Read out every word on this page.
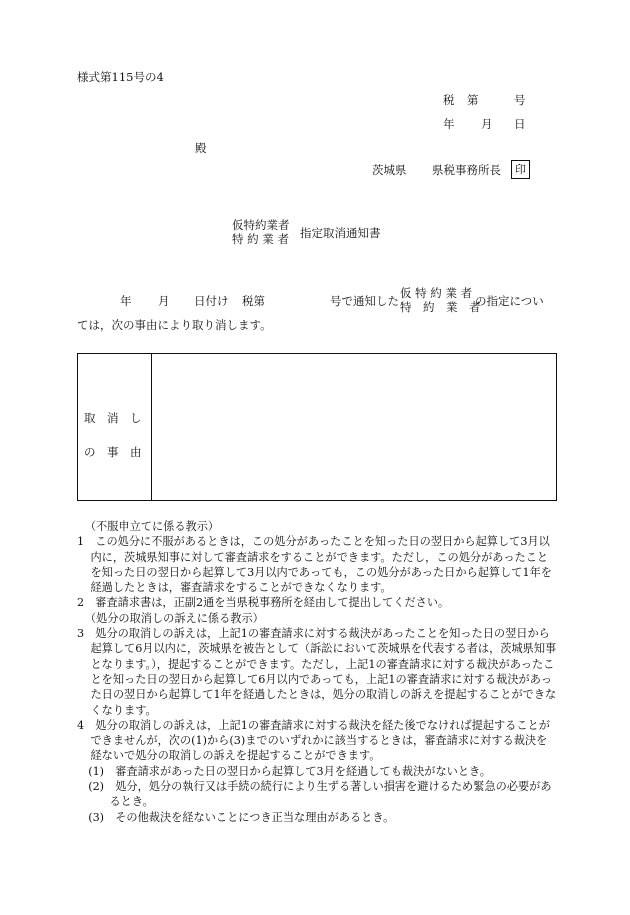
様式第115号の4
税 第	号
年 月 日
殿
茨城県 県税事務所長	印
仮特約業者
特 約 業 者 指定取消通知書
年 月 日付け 税第	号で通知した
仮 特 約 業 者
特　約　業　者
の指定につい
ては，次の事由により取り消します。
取　消　し
の　事　由

（不服申立てに係る教示）

1　この処分に不服があるときは，この処分があったことを知った日の翌日から起算して3月以内に，茨城県知事に対して審査請求をすることができます。ただし，この処分があったことを知った日の翌日から起算して3月以内であっても，この処分があった日から起算して1年を経過したときは，審査請求をすることができなくなります。

2　審査請求書は，正副2通を当県税事務所を経由して提出してください。

（処分の取消しの訴えに係る教示）

3　処分の取消しの訴えは，上記1の審査請求に対する裁決があったことを知った日の翌日から起算して6月以内に，茨城県を被告として（訴訟において茨城県を代表する者は，茨城県知事となります。），提起することができます。ただし，上記1の審査請求に対する裁決があったことを知った日の翌日から起算して6月以内であっても，上記1の審査請求に対する裁決があった日の翌日から起算して1年を経過したときは，処分の取消しの訴えを提起することができなくなります。

4　処分の取消しの訴えは，上記1の審査請求に対する裁決を経た後でなければ提起することができませんが，次の(1)から(3)までのいずれかに該当するときは，審査請求に対する裁決を経ないで処分の取消しの訴えを提起することができます。

(1)　審査請求があった日の翌日から起算して3月を経過しても裁決がないとき。

(2)　処分，処分の執行又は手続の続行により生ずる著しい損害を避けるため緊急の必要があるとき。

(3)　その他裁決を経ないことにつき正当な理由があるとき。
